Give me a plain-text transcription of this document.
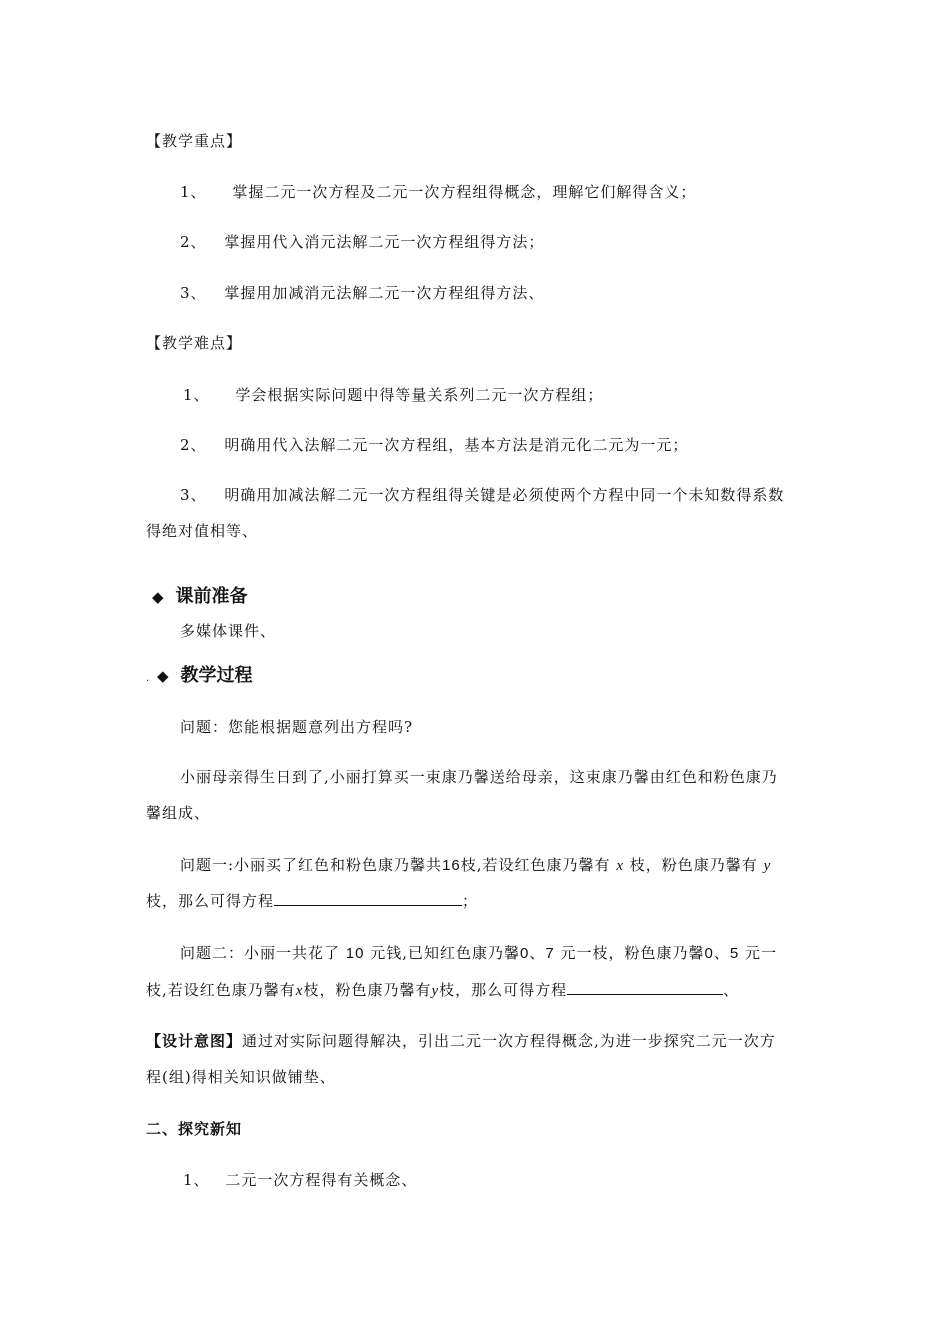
【教学重点】
1、 掌握二元一次方程及二元一次方程组得概念，理解它们解得含义；
2、 掌握用代入消元法解二元一次方程组得方法；
3、 掌握用加减消元法解二元一次方程组得方法、
【教学难点】
1、 学会根据实际问题中得等量关系列二元一次方程组；
2、 明确用代入法解二元一次方程组，基本方法是消元化二元为一元；
3、 明确用加减法解二元一次方程组得关键是必须使两个方程中同一个未知数得系数
得绝对值相等、
◆ 课前准备
多媒体课件、
· ◆ 教学过程
问题：您能根据题意列出方程吗?
小丽母亲得生日到了,小丽打算买一束康乃馨送给母亲，这束康乃馨由红色和粉色康乃
馨组成、
问题一:小丽买了红色和粉色康乃馨共16枝,若设红色康乃馨有 x 枝，粉色康乃馨有 y
枝，那么可得方程	；
问题二：小丽一共花了 10 元钱,已知红色康乃馨0、7 元一枝，粉色康乃馨0、5 元一
枝,若设红色康乃馨有x枝，粉色康乃馨有y枝，那么可得方程	、
【设计意图】通过对实际问题得解决，引出二元一次方程得概念,为进一步探究二元一次方
程(组)得相关知识做铺垫、
二、探究新知
1、 二元一次方程得有关概念、
